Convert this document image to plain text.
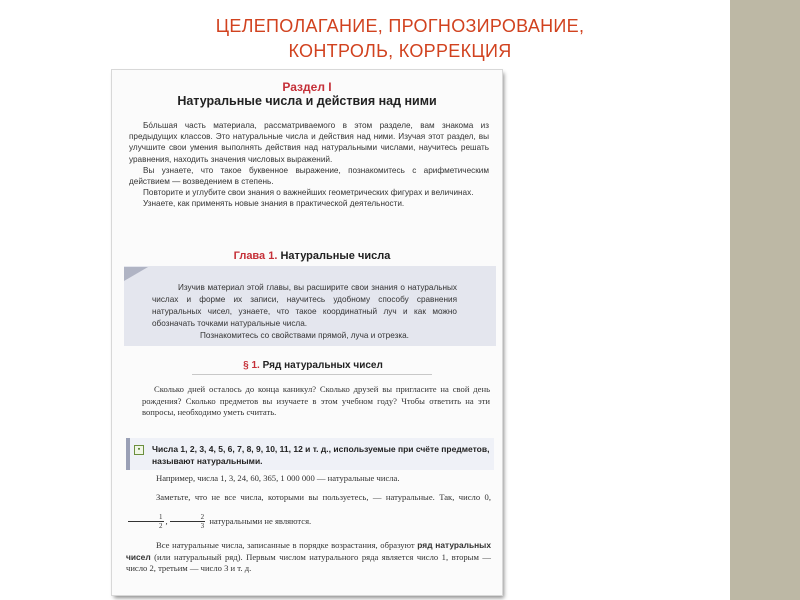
ЦЕЛЕПОЛАГАНИЕ, ПРОГНОЗИРОВАНИЕ,
КОНТРОЛЬ, КОРРЕКЦИЯ
Раздел I
Натуральные числа и действия над ними

Бо́льшая часть материала, рассматриваемого в этом разделе, вам знакома из предыдущих классов. Это натуральные числа и действия над ними. Изучая этот раздел, вы улучшите свои умения выполнять действия над натуральными числами, научитесь решать уравнения, находить значения числовых выражений.

Вы узнаете, что такое буквенное выражение, познакомитесь с арифметическим действием — возведением в степень.

Повторите и углубите свои знания о важнейших геометрических фигурах и величинах.

Узнаете, как применять новые знания в практической деятельности.

Глава 1. Натуральные числа

Изучив материал этой главы, вы расширите свои знания о натуральных числах и форме их записи, научитесь удобному способу сравнения натуральных чисел, узнаете, что такое координатный луч и как можно обозначать точками натуральные числа.

Познакомитесь со свойствами прямой, луча и отрезка.

§ 1. Ряд натуральных чисел
Сколько дней осталось до конца каникул? Сколько друзей вы пригласите на свой день рождения? Сколько предметов вы изучаете в этом учебном году? Чтобы ответить на эти вопросы, необходимо уметь считать.
▪	Числа 1, 2, 3, 4, 5, 6, 7, 8, 9, 10, 11, 12 и т. д., используемые при счёте предметов, называют натуральными.

Например, числа 1, 3, 24, 60, 365, 1 000 000 — натуральные числа.

Заметьте, что не все числа, которыми вы пользуетесь, — натуральные. Так, число 0,
$\frac{1}{2}$ , $\frac{2}{3}$ натуральными не являются.

Все натуральные числа, записанные в порядке возрастания, образуют ряд натуральных чисел (или натуральный ряд). Первым числом натурального ряда является число 1, вторым — число 2, третьим — число 3 и т. д.
